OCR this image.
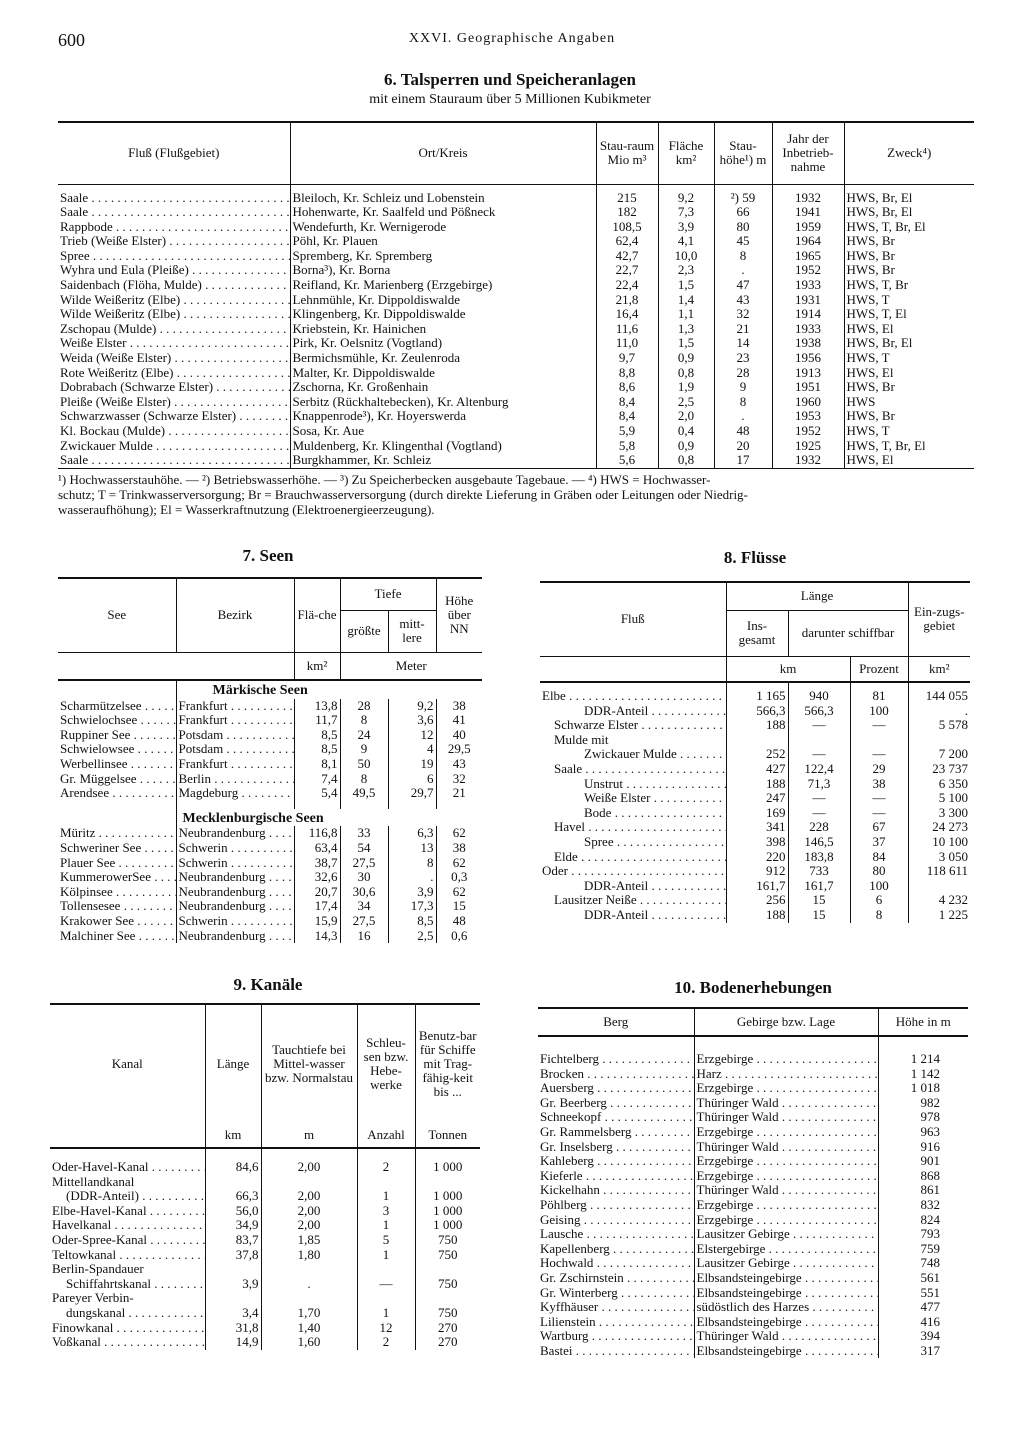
600	XXVI. Geographische Angaben
6. Talsperren und Speicheranlagen
mit einem Stauraum über 5 Millionen Kubikmeter
Fluß (Flußgebiet)	Ort/Kreis	Stau-raum Mio m³	Fläche km²	Stau-höhe¹) m	Jahr der Inbetrieb-nahme	Zweck⁴)
Saale . . .	Bleiloch, Kr. Schleiz und Lobenstein	215	9,2	²) 59	1932	HWS, Br, El
Saale . . .	Hohenwarte, Kr. Saalfeld und Pößneck	182	7,3	66	1941	HWS, Br, El
Rappbode . . .	Wendefurth, Kr. Wernigerode	108,5	3,9	80	1959	HWS, T, Br, El
Trieb (Weiße Elster) . . .	Pöhl, Kr. Plauen	62,4	4,1	45	1964	HWS, Br
Spree . . .	Spremberg, Kr. Spremberg	42,7	10,0	8	1965	HWS, Br
Wyhra und Eula (Pleiße) . . .	Borna³), Kr. Borna	22,7	2,3	.	1952	HWS, Br
Saidenbach (Flöha, Mulde) . . .	Reifland, Kr. Marienberg (Erzgebirge)	22,4	1,5	47	1933	HWS, T, Br
Wilde Weißeritz (Elbe) . . .	Lehnmühle, Kr. Dippoldiswalde	21,8	1,4	43	1931	HWS, T
Wilde Weißeritz (Elbe) . . .	Klingenberg, Kr. Dippoldiswalde	16,4	1,1	32	1914	HWS, T, El
Zschopau (Mulde) . . .	Kriebstein, Kr. Hainichen	11,6	1,3	21	1933	HWS, El
Weiße Elster . . .	Pirk, Kr. Oelsnitz (Vogtland)	11,0	1,5	14	1938	HWS, Br, El
Weida (Weiße Elster) . . .	Bermichsmühle, Kr. Zeulenroda	9,7	0,9	23	1956	HWS, T
Rote Weißeritz (Elbe) . . .	Malter, Kr. Dippoldiswalde	8,8	0,8	28	1913	HWS, El
Dobrabach (Schwarze Elster) . . .	Zschorna, Kr. Großenhain	8,6	1,9	9	1951	HWS, Br
Pleiße (Weiße Elster) . . .	Serbitz (Rückhaltebecken), Kr. Altenburg	8,4	2,5	8	1960	HWS
Schwarzwasser (Schwarze Elster) . . .	Knappenrode³), Kr. Hoyerswerda	8,4	2,0	.	1953	HWS, Br
Kl. Bockau (Mulde) . . .	Sosa, Kr. Aue	5,9	0,4	48	1952	HWS, T
Zwickauer Mulde . . .	Muldenberg, Kr. Klingenthal (Vogtland)	5,8	0,9	20	1925	HWS, T, Br, El
Saale . . .	Burgkhammer, Kr. Schleiz	5,6	0,8	17	1932	HWS, El
¹) Hochwasserstauhöhe. — ²) Betriebswasserhöhe. — ³) Zu Speicherbecken ausgebaute Tagebaue. — ⁴) HWS = Hochwasser-
schutz; T = Trinkwasserversorgung; Br = Brauchwasserversorgung (durch direkte Lieferung in Gräben oder Leitungen oder Niedrig-
wasseraufhöhung); El = Wasserkraftnutzung (Elektroenergieerzeugung).
7. Seen
See	Bezirk	Flä-che	Tiefe		Höhe über NN
			größte	mitt-lere	
		km²	Meter		
	Märkische Seen				
Scharmützelsee . . .	Frankfurt . . .	13,8	28	9,2	38
Schwielochsee . . .	Frankfurt . . .	11,7	8	3,6	41
Ruppiner See . . .	Potsdam . . .	8,5	24	12	40
Schwielowsee . . .	Potsdam . . .	8,5	9	4	29,5
Werbellinsee . . .	Frankfurt . . .	8,1	50	19	43
Gr. Müggelsee . . .	Berlin . . .	7,4	8	6	32
Arendsee . . .	Magdeburg . . .	5,4	49,5	29,7	21

	Mecklenburgische Seen				
Müritz . . .	Neubrandenburg . . .	116,8	33	6,3	62
Schweriner See . . .	Schwerin . . .	63,4	54	13	38
Plauer See . . .	Schwerin . . .	38,7	27,5	8	62
KummerowerSee . . .	Neubrandenburg . . .	32,6	30	.	0,3
Kölpinsee . . .	Neubrandenburg . . .	20,7	30,6	3,9	62
Tollensesee . . .	Neubrandenburg . . .	17,4	34	17,3	15
Krakower See . . .	Schwerin . . .	15,9	27,5	8,5	48
Malchiner See . . .	Neubrandenburg . . .	14,3	16	2,5	0,6
8. Flüsse
Fluß	Länge			Ein-zugs-gebiet
	Ins-gesamt	darunter schiffbar		
	km		Prozent	km²
Elbe . . .	1 165	940	81	144 055
DDR-Anteil . . .	566,3	566,3	100	.
Schwarze Elster . . .	188	—	—	5 578
Mulde mit				
Zwickauer Mulde . . .	252	—	—	7 200
Saale . . .	427	122,4	29	23 737
Unstrut . . .	188	71,3	38	6 350
Weiße Elster . . .	247	—	—	5 100
Bode . . .	169	—	—	3 300
Havel . . .	341	228	67	24 273
Spree . . .	398	146,5	37	10 100
Elde . . .	220	183,8	84	3 050
Oder . . .	912	733	80	118 611
DDR-Anteil . . .	161,7	161,7	100	
Lausitzer Neiße . . .	256	15	6	4 232
DDR-Anteil . . .	188	15	8	1 225
9. Kanäle
Kanal	Länge	Tauchtiefe bei Mittel-wasser bzw. Normalstau	Schleu-sen bzw. Hebe-werke	Benutz-bar für Schiffe mit Trag-fähig-keit bis ...
	km	m	Anzahl	Tonnen

Oder-Havel-Kanal . . .	84,6	2,00	2	1 000
Mittellandkanal				
(DDR-Anteil) . . .	66,3	2,00	1	1 000
Elbe-Havel-Kanal . . .	56,0	2,00	3	1 000
Havelkanal . . .	34,9	2,00	1	1 000
Oder-Spree-Kanal . . .	83,7	1,85	5	750
Teltowkanal . . .	37,8	1,80	1	750
Berlin-Spandauer				
Schiffahrtskanal . . .	3,9	.	—	750
Pareyer Verbin-				
dungskanal . . .	3,4	1,70	1	750
Finowkanal . . .	31,8	1,40	12	270
Voßkanal . . .	14,9	1,60	2	270
10. Bodenerhebungen
Berg	Gebirge bzw. Lage	Höhe in m

Fichtelberg . . .	Erzgebirge . . .	1 214
Brocken . . .	Harz . . .	1 142
Auersberg . . .	Erzgebirge . . .	1 018
Gr. Beerberg . . .	Thüringer Wald . . .	982
Schneekopf . . .	Thüringer Wald . . .	978
Gr. Rammelsberg . . .	Erzgebirge . . .	963
Gr. Inselsberg . . .	Thüringer Wald . . .	916
Kahleberg . . .	Erzgebirge . . .	901
Kieferle . . .	Erzgebirge . . .	868
Kickelhahn . . .	Thüringer Wald . . .	861
Pöhlberg . . .	Erzgebirge . . .	832
Geising . . .	Erzgebirge . . .	824
Lausche . . .	Lausitzer Gebirge . . .	793
Kapellenberg . . .	Elstergebirge . . .	759
Hochwald . . .	Lausitzer Gebirge . . .	748
Gr. Zschirnstein . . .	Elbsandsteingebirge . . .	561
Gr. Winterberg . . .	Elbsandsteingebirge . . .	551
Kyffhäuser . . .	südöstlich des Harzes . . .	477
Lilienstein . . .	Elbsandsteingebirge . . .	416
Wartburg . . .	Thüringer Wald . . .	394
Bastei . . .	Elbsandsteingebirge . . .	317
